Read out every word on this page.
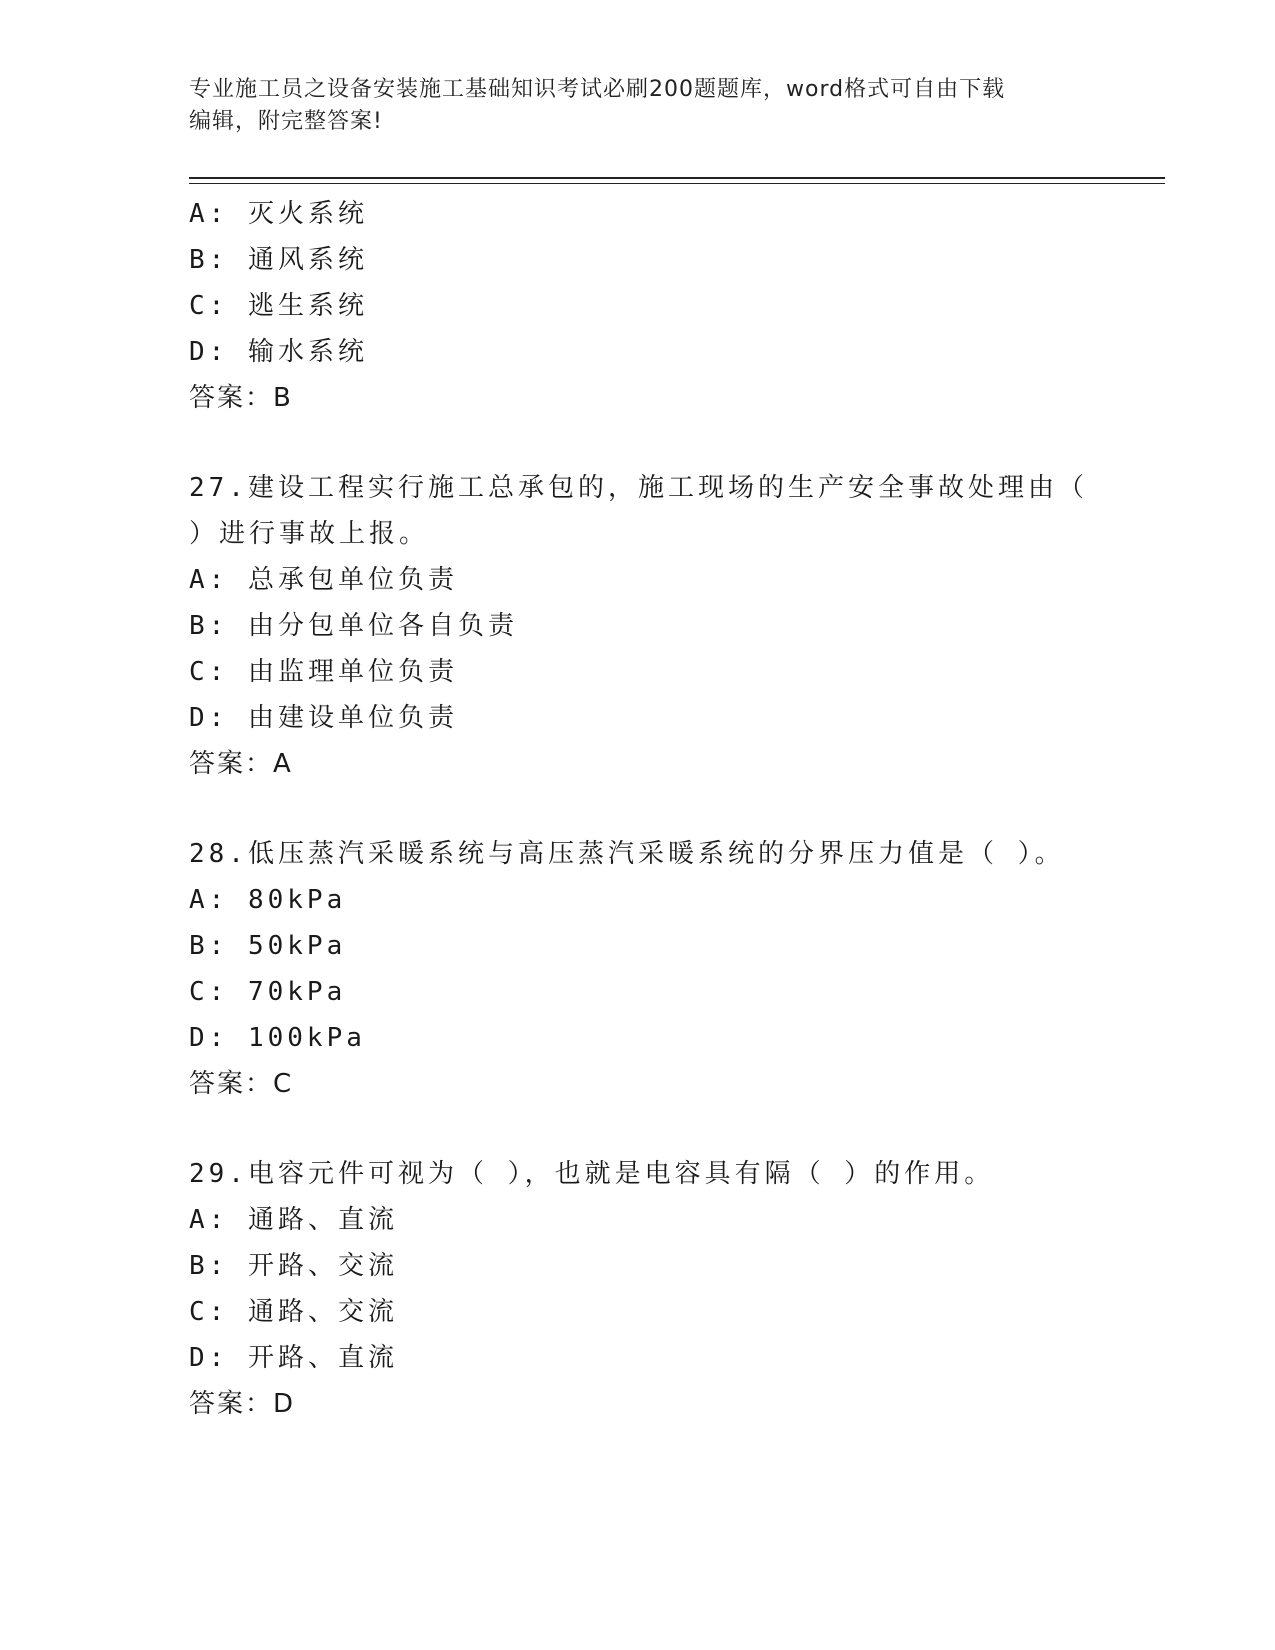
专业施工员之设备安装施工基础知识考试必刷200题题库，word格式可自由下载
编辑，附完整答案!
A: 灭火系统
B: 通风系统
C: 逃生系统
D: 输水系统
答案：B
27.建设工程实行施工总承包的，施工现场的生产安全事故处理由（
）进行事故上报。
A: 总承包单位负责
B: 由分包单位各自负责
C: 由监理单位负责
D: 由建设单位负责
答案：A
28.低压蒸汽采暖系统与高压蒸汽采暖系统的分界压力值是（ ）。
A: 80kPa
B: 50kPa
C: 70kPa
D: 100kPa
答案：C
29.电容元件可视为（ ），也就是电容具有隔（ ）的作用。
A: 通路、直流
B: 开路、交流
C: 通路、交流
D: 开路、直流
答案：D
